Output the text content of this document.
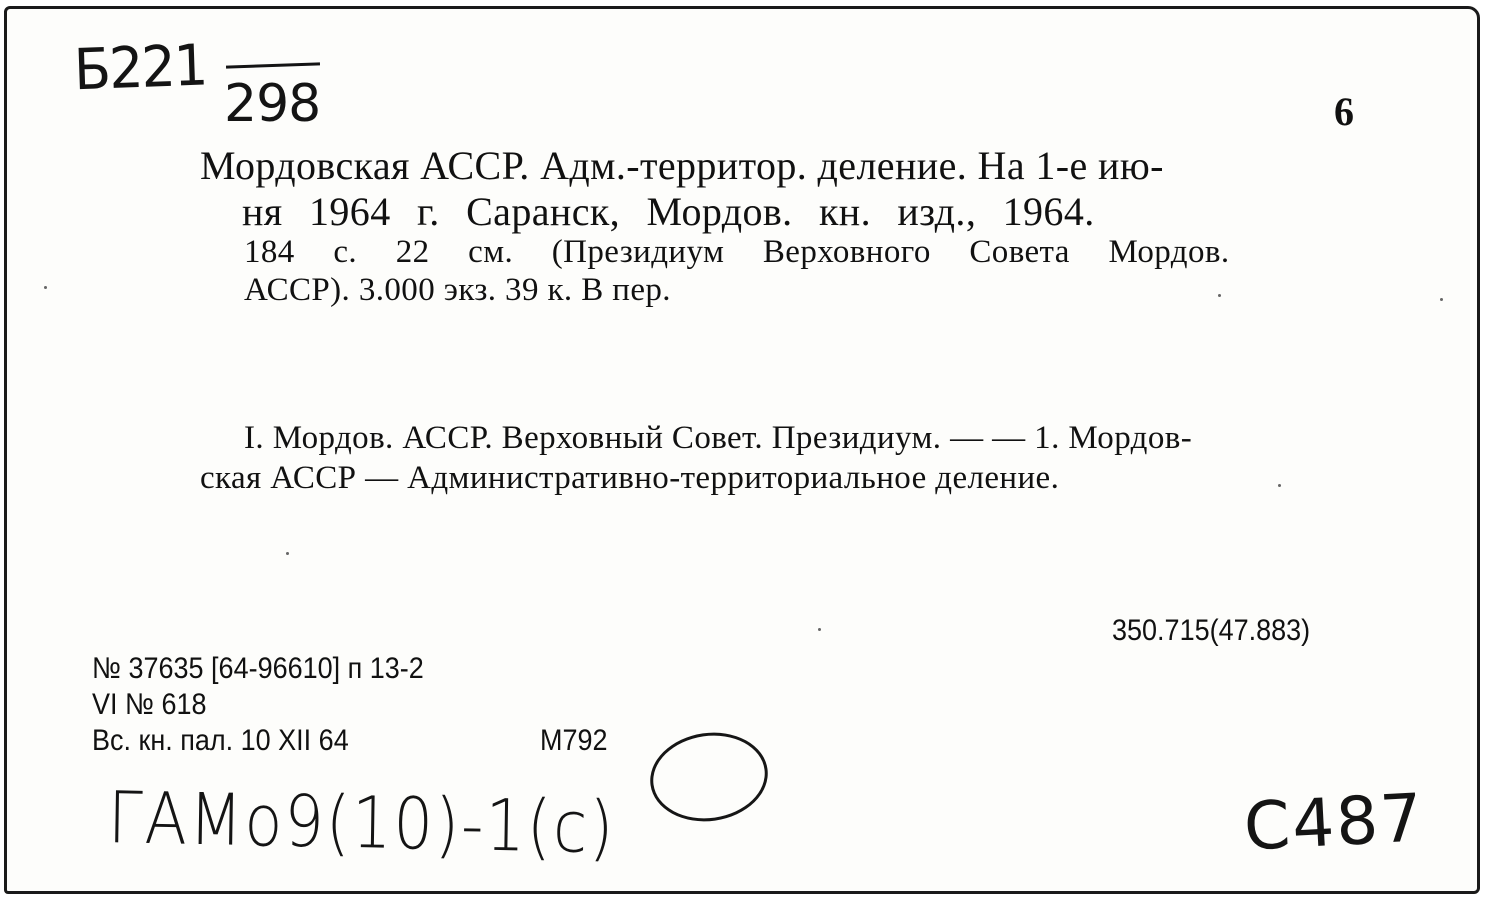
Б221
298	6
Мордовская АССР. Адм.-территор. деление. На 1-е ию-
ня 1964 г. Саранск, Мордов. кн. изд., 1964.
184 с. 22 см. (Президиум Верховного Совета Мордов.
АССР). 3.000 экз. 39 к. В пер.
I. Мордов. АССР. Верховный Совет. Президиум. — — 1. Мордов-
ская АССР — Административно-территориальное деление.
350.715(47.883)
№ 37635 [64-96610] п 13-2
VI № 618
Вс. кн. пал. 10 XII 64	М792
ГАМо9(10)-1(с)	С487
